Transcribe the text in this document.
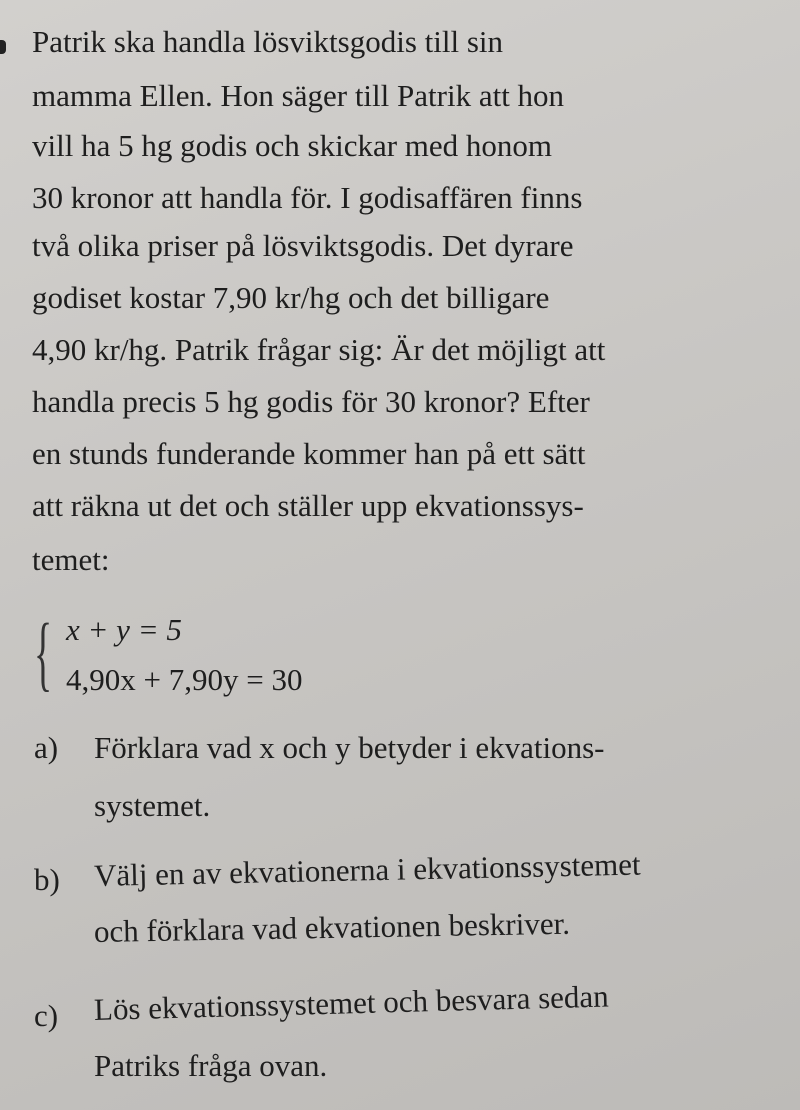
Patrik ska handla lösviktsgodis till sin
mamma Ellen. Hon säger till Patrik att hon
vill ha 5 hg godis och skickar med honom
30 kronor att handla för. I godisaffären finns
två olika priser på lösviktsgodis. Det dyrare
godiset kostar 7,90 kr/hg och det billigare
4,90 kr/hg. Patrik frågar sig: Är det möjligt att
handla precis 5 hg godis för 30 kronor? Efter
en stunds funderande kommer han på ett sätt
att räkna ut det och ställer upp ekvationssys-
temet:
{ x + y = 5
4,90x + 7,90y = 30
a) Förklara vad x och y betyder i ekvations-
systemet.
b) Välj en av ekvationerna i ekvationssystemet
och förklara vad ekvationen beskriver.
c) Lös ekvationssystemet och besvara sedan
Patriks fråga ovan.
